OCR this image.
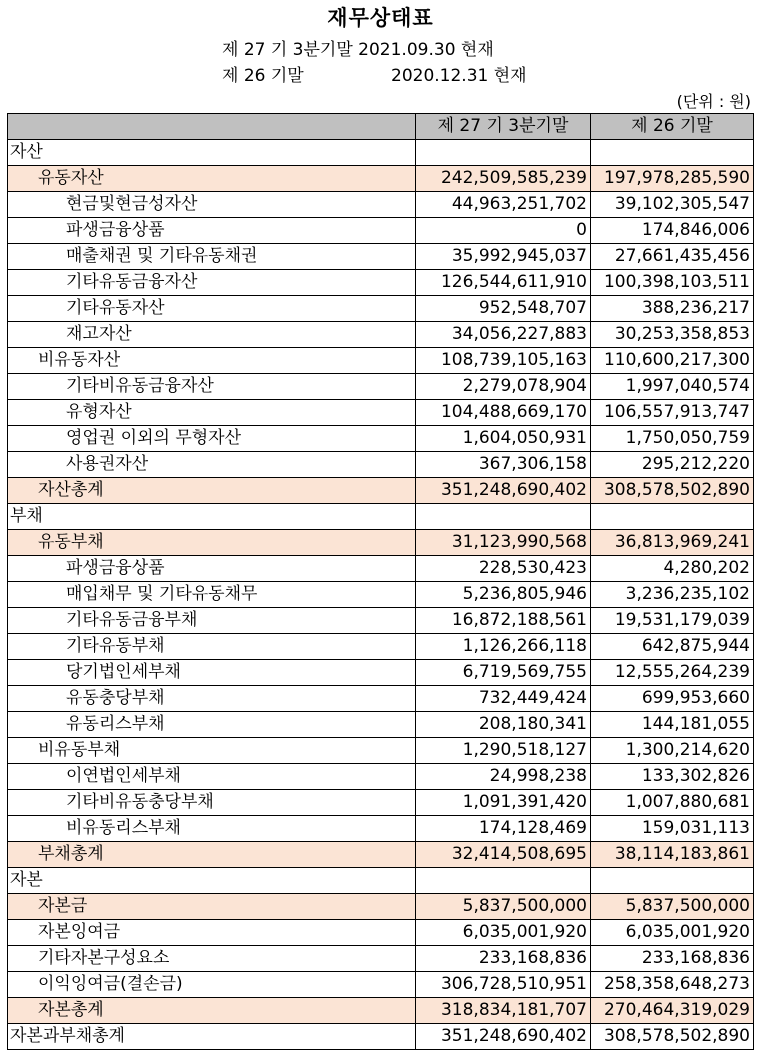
재무상태표
제 27 기 3분기말 2021.09.30 현재
제 26 기말	2020.12.31 현재
(단위 : 원)
	제 27 기 3분기말	제 26 기말
자산		
유동자산	242,509,585,239	197,978,285,590
현금및현금성자산	44,963,251,702	39,102,305,547
파생금융상품	0	174,846,006
매출채권 및 기타유동채권	35,992,945,037	27,661,435,456
기타유동금융자산	126,544,611,910	100,398,103,511
기타유동자산	952,548,707	388,236,217
재고자산	34,056,227,883	30,253,358,853
비유동자산	108,739,105,163	110,600,217,300
기타비유동금융자산	2,279,078,904	1,997,040,574
유형자산	104,488,669,170	106,557,913,747
영업권 이외의 무형자산	1,604,050,931	1,750,050,759
사용권자산	367,306,158	295,212,220
자산총계	351,248,690,402	308,578,502,890
부채		
유동부채	31,123,990,568	36,813,969,241
파생금융상품	228,530,423	4,280,202
매입채무 및 기타유동채무	5,236,805,946	3,236,235,102
기타유동금융부채	16,872,188,561	19,531,179,039
기타유동부채	1,126,266,118	642,875,944
당기법인세부채	6,719,569,755	12,555,264,239
유동충당부채	732,449,424	699,953,660
유동리스부채	208,180,341	144,181,055
비유동부채	1,290,518,127	1,300,214,620
이연법인세부채	24,998,238	133,302,826
기타비유동충당부채	1,091,391,420	1,007,880,681
비유동리스부채	174,128,469	159,031,113
부채총계	32,414,508,695	38,114,183,861
자본		
자본금	5,837,500,000	5,837,500,000
자본잉여금	6,035,001,920	6,035,001,920
기타자본구성요소	233,168,836	233,168,836
이익잉여금(결손금)	306,728,510,951	258,358,648,273
자본총계	318,834,181,707	270,464,319,029
자본과부채총계	351,248,690,402	308,578,502,890
